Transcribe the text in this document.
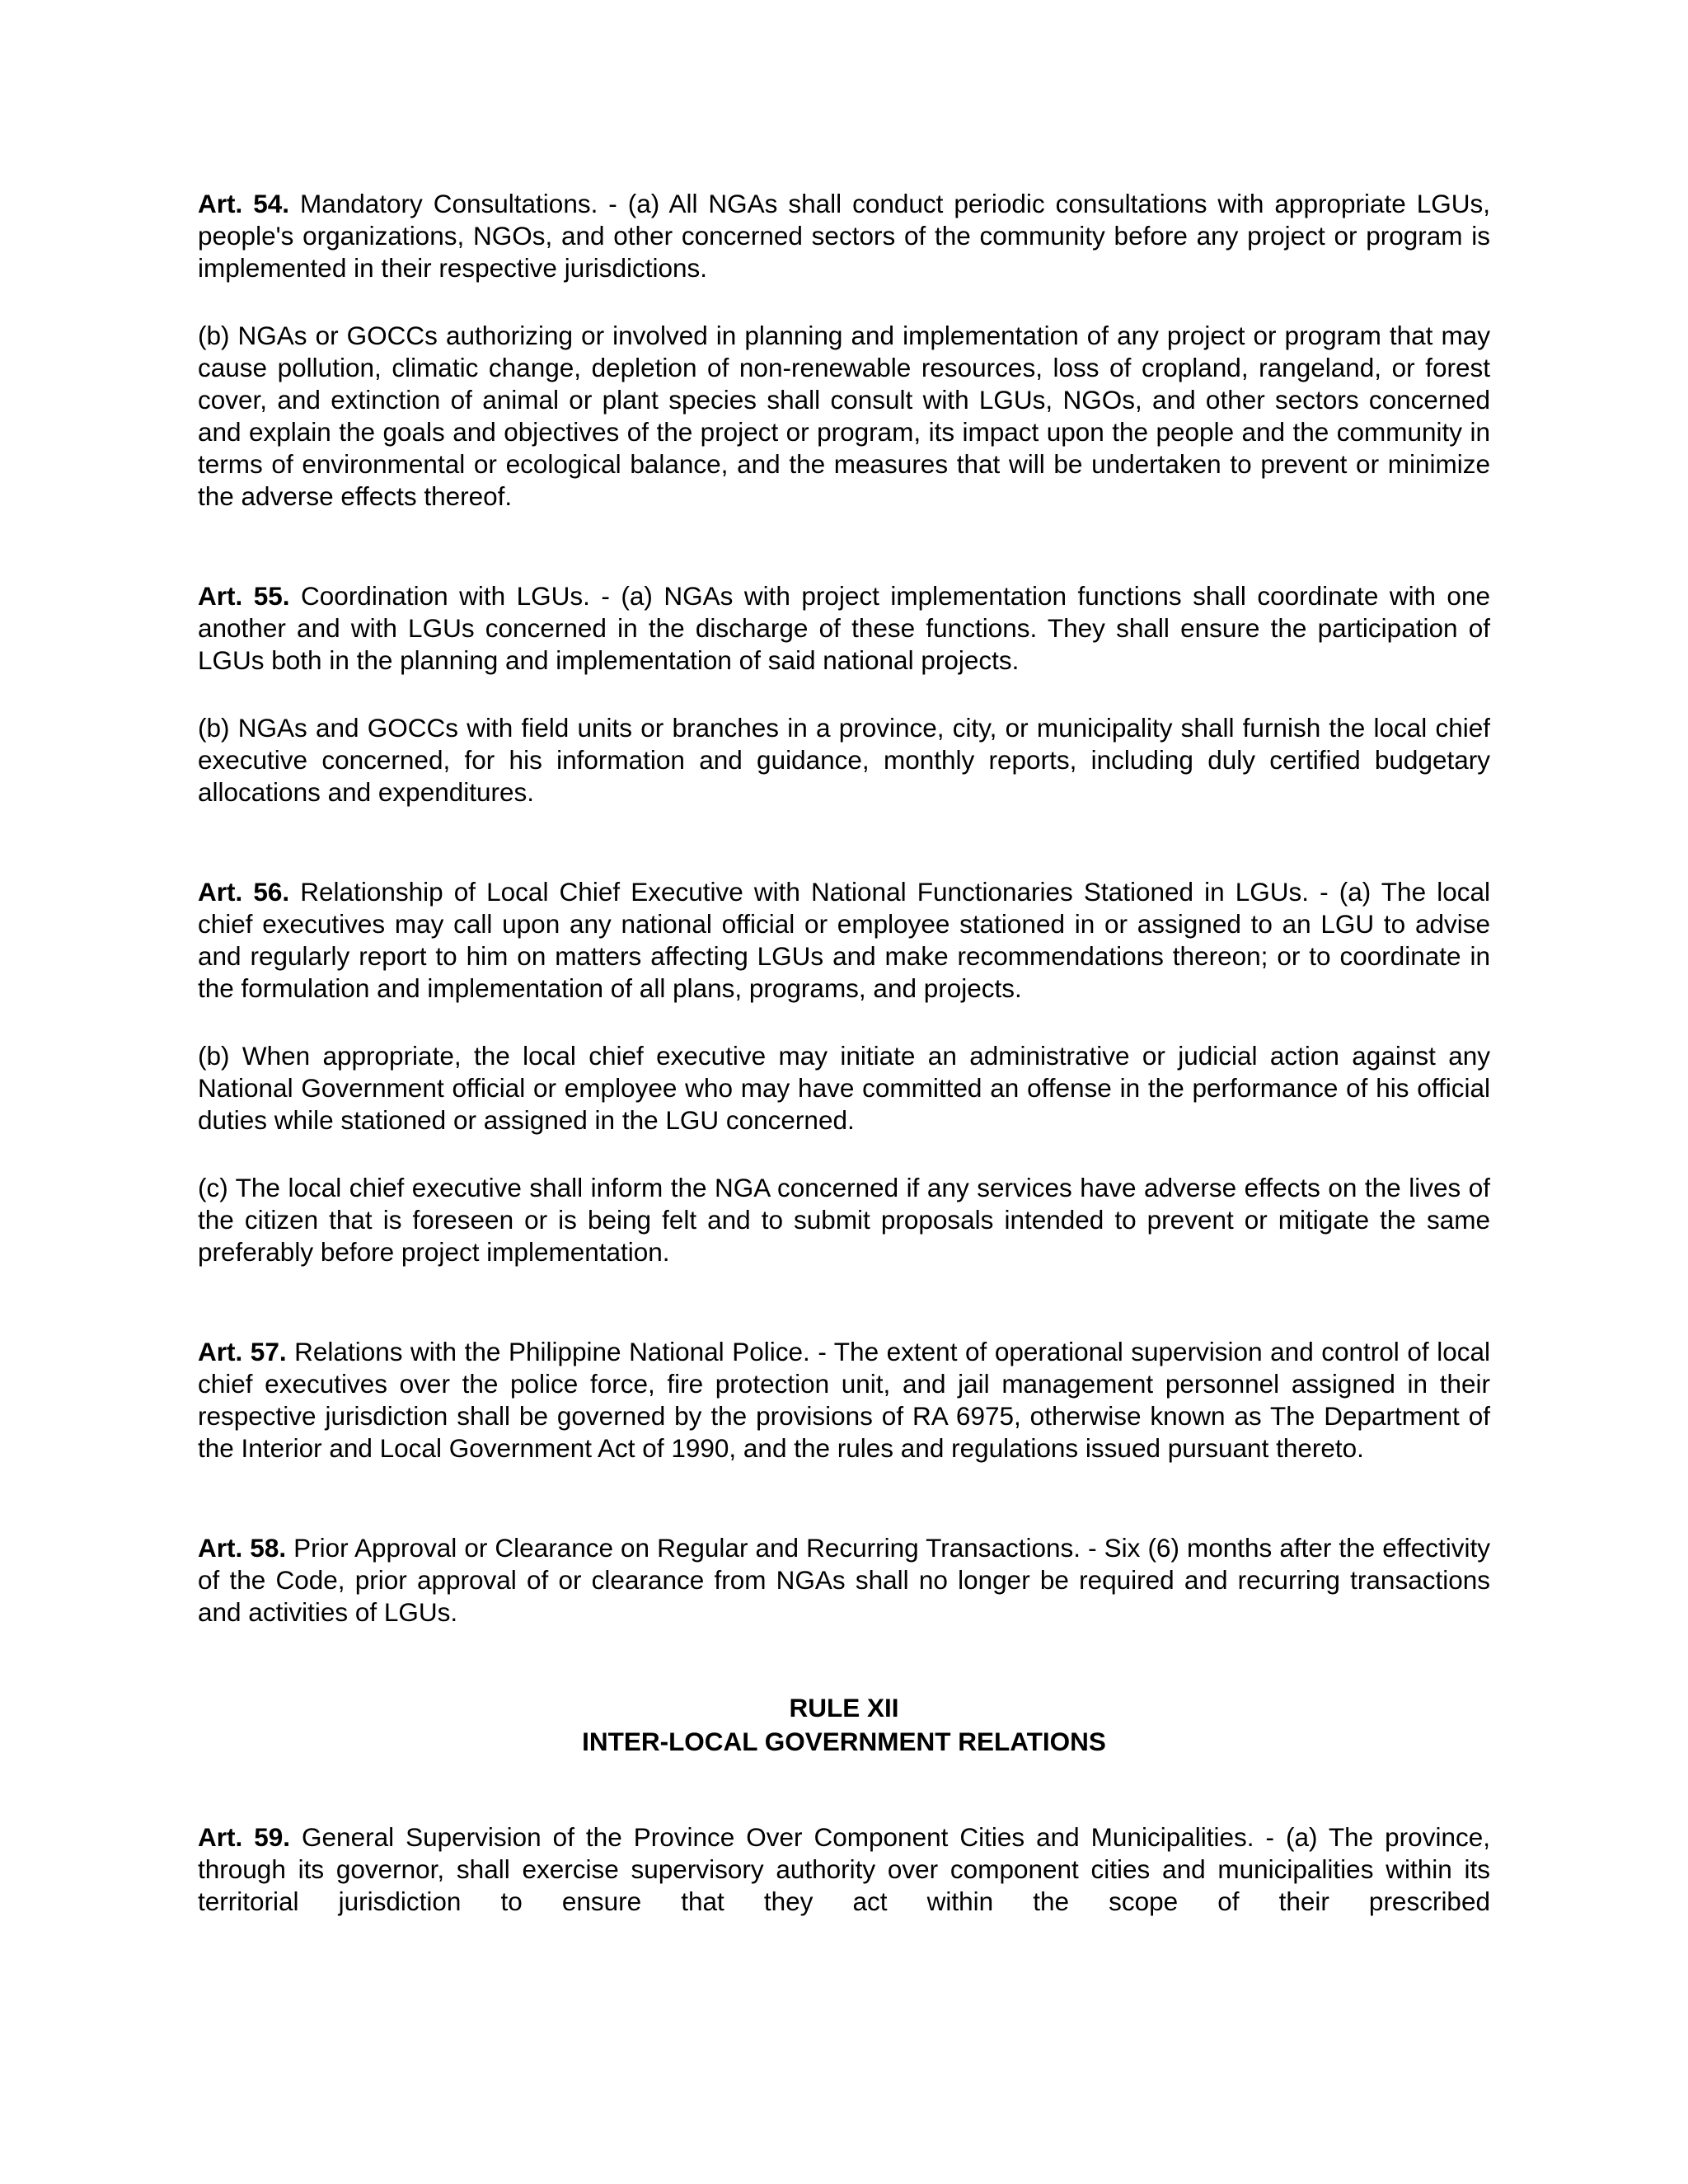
Art. 54. Mandatory Consultations. - (a) All NGAs shall conduct periodic consultations with appropriate LGUs, people's organizations, NGOs, and other concerned sectors of the community before any project or program is implemented in their respective jurisdictions.

(b) NGAs or GOCCs authorizing or involved in planning and implementation of any project or program that may cause pollution, climatic change, depletion of non-renewable resources, loss of cropland, rangeland, or forest cover, and extinction of animal or plant species shall consult with LGUs, NGOs, and other sectors concerned and explain the goals and objectives of the project or program, its impact upon the people and the community in terms of environmental or ecological balance, and the measures that will be undertaken to prevent or minimize the adverse effects thereof.

Art. 55. Coordination with LGUs. - (a) NGAs with project implementation functions shall coordinate with one another and with LGUs concerned in the discharge of these functions. They shall ensure the participation of LGUs both in the planning and implementation of said national projects.

(b) NGAs and GOCCs with field units or branches in a province, city, or municipality shall furnish the local chief executive concerned, for his information and guidance, monthly reports, including duly certified budgetary allocations and expenditures.

Art. 56. Relationship of Local Chief Executive with National Functionaries Stationed in LGUs. - (a) The local chief executives may call upon any national official or employee stationed in or assigned to an LGU to advise and regularly report to him on matters affecting LGUs and make recommendations thereon; or to coordinate in the formulation and implementation of all plans, programs, and projects.

(b) When appropriate, the local chief executive may initiate an administrative or judicial action against any National Government official or employee who may have committed an offense in the performance of his official duties while stationed or assigned in the LGU concerned.

(c) The local chief executive shall inform the NGA concerned if any services have adverse effects on the lives of the citizen that is foreseen or is being felt and to submit proposals intended to prevent or mitigate the same preferably before project implementation.

Art. 57. Relations with the Philippine National Police. - The extent of operational supervision and control of local chief executives over the police force, fire protection unit, and jail management personnel assigned in their respective jurisdiction shall be governed by the provisions of RA 6975, otherwise known as The Department of the Interior and Local Government Act of 1990, and the rules and regulations issued pursuant thereto.

Art. 58. Prior Approval or Clearance on Regular and Recurring Transactions. - Six (6) months after the effectivity of the Code, prior approval of or clearance from NGAs shall no longer be required and recurring transactions and activities of LGUs.

RULE XII

INTER-LOCAL GOVERNMENT RELATIONS

Art. 59. General Supervision of the Province Over Component Cities and Municipalities. - (a) The province, through its governor, shall exercise supervisory authority over component cities and municipalities within its territorial jurisdiction to ensure that they act within the scope of their prescribed
